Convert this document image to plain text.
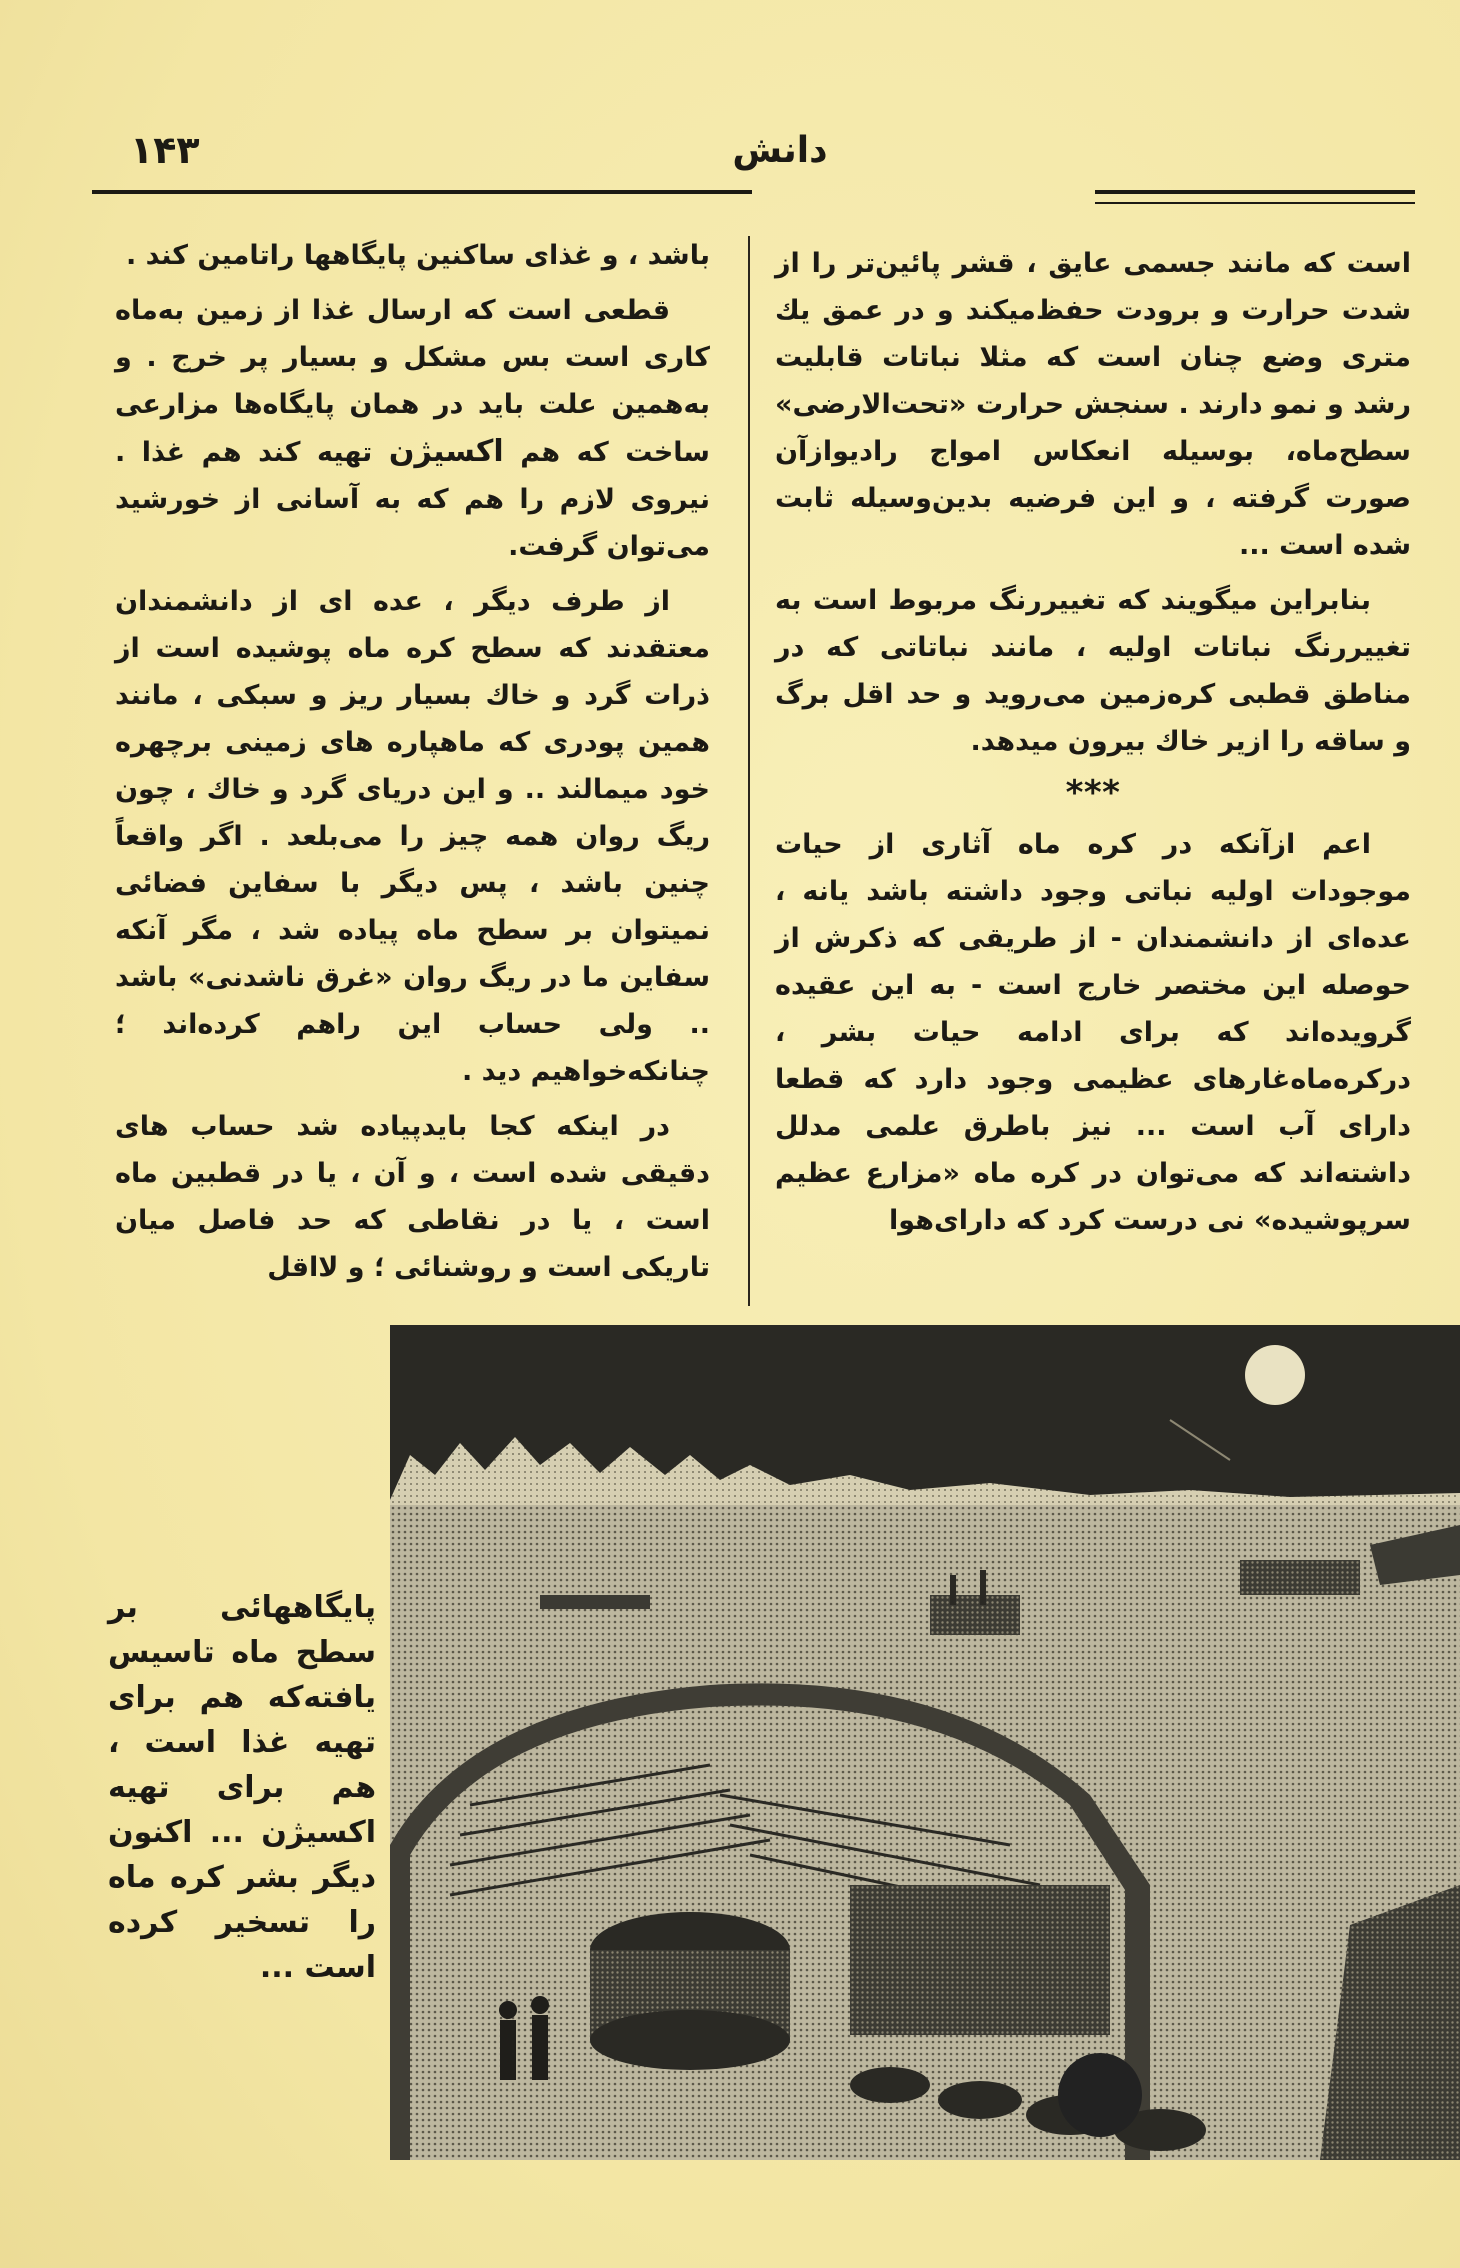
۱۴۳	دانش

است که مانند جسمی عایق ، قشر پائین‌تر را از شدت حرارت و برودت حفظ‌میکند و در عمق یك متری وضع چنان است که مثلا نباتات قابلیت رشد و نمو دارند . سنجش حرارت «تحت‌الارضی» سطح‌ماه، بوسیله انعکاس امواج رادیوازآن صورت گرفته ، و این فرضیه بدین‌وسیله ثابت شده است ...

بنابراین میگویند که تغییررنگ مربوط است به تغییررنگ نباتات اولیه ، مانند نباتاتی که در مناطق قطبی کره‌زمین می‌روید و حد اقل برگ و ساقه را ازیر خاك بیرون میدهد.

***

اعم ازآنکه در کره ماه آثاری از حیات موجودات اولیه نباتی وجود داشته باشد یانه ، عده‌ای از دانشمندان - از طریقی که ذکرش از حوصله این مختصر خارج است - به این عقیده گرویده‌اند که برای ادامه حیات بشر ، درکره‌ماه‌غارهای عظیمی وجود دارد که قطعا دارای آب است ... نیز باطرق علمی مدلل داشته‌اند که می‌توان در کره ماه «مزارع عظیم سرپوشیده» نی درست کرد که دارای‌هوا

باشد ، و غذای ساکنین پایگاهها راتامین کند .

قطعی است که ارسال غذا از زمین به‌ماه کاری است بس مشکل و بسیار پر خرج . و به‌همین علت باید در همان پایگاه‌ها مزارعی ساخت که هم اکسیژن تهیه کند هم غذا . نیروی لازم را هم که به آسانی از خورشید می‌توان گرفت.

از طرف دیگر ، عده ای از دانشمندان معتقدند که سطح کره ماه پوشیده است از ذرات گرد و خاك بسیار ریز و سبکی ، مانند همین پودری که ماهپاره های زمینی برچهره خود میمالند .. و این دریای گرد و خاك ، چون ریگ روان همه چیز را می‌بلعد . اگر واقعاً چنین باشد ، پس دیگر با سفاین فضائی نمیتوان بر سطح ماه پیاده شد ، مگر آنکه سفاین ما در ریگ روان «غرق ناشدنی» باشد .. ولی حساب این راهم کرده‌اند ؛ چنانکه‌خواهیم دید .

در اینکه کجا بایدپیاده شد حساب های دقیقی شده است ، و آن ، یا در قطبین ماه است ، یا در نقاطی که حد فاصل میان تاریکی است و روشنائی ؛ و لااقل

پایگاههائی بر سطح ماه تاسیس یافته‌که هم برای تهیه غذا است ، هم برای تهیه اکسیژن ... اکنون دیگر بشر کره ماه را تسخیر کرده است ...
